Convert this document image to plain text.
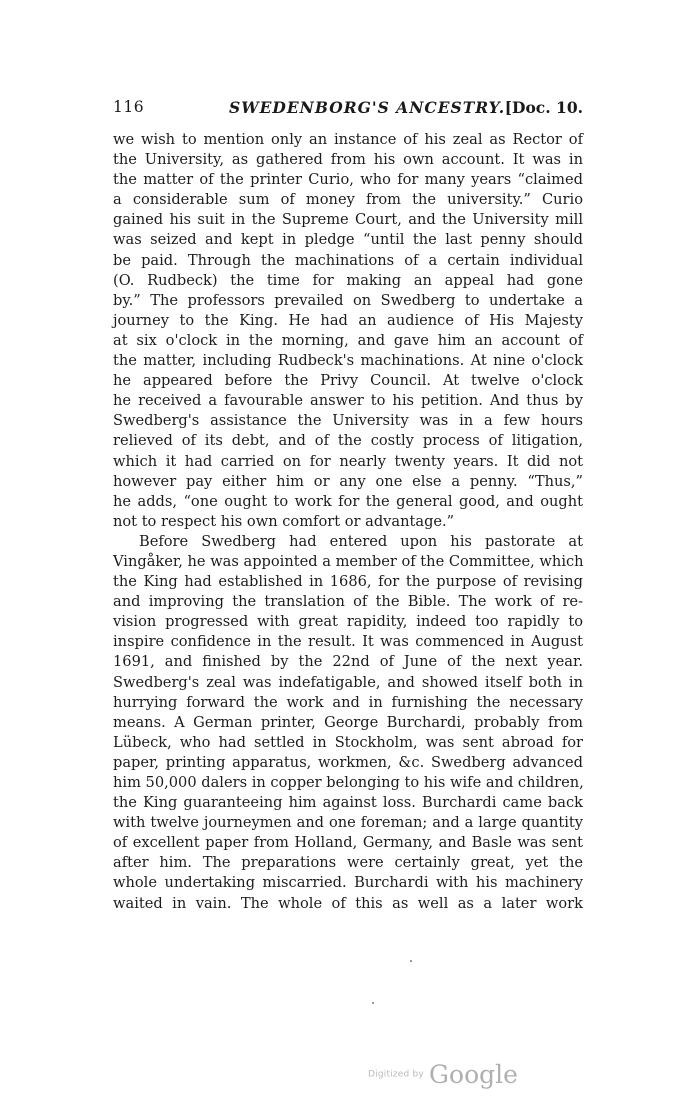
116	SWEDENBORG'S ANCESTRY. [Doc. 10.
we wish to mention only an instance of his zeal as Rector of
the University, as gathered from his own account. It was in
the matter of the printer Curio, who for many years “claimed
a considerable sum of money from the university.” Curio
gained his suit in the Supreme Court, and the University mill
was seized and kept in pledge “until the last penny should
be paid. Through the machinations of a certain individual
(O. Rudbeck) the time for making an appeal had gone
by.” The professors prevailed on Swedberg to undertake a
journey to the King. He had an audience of His Majesty
at six o'clock in the morning, and gave him an account of
the matter, including Rudbeck's machinations. At nine o'clock
he appeared before the Privy Council. At twelve o'clock
he received a favourable answer to his petition. And thus by
Swedberg's assistance the University was in a few hours
relieved of its debt, and of the costly process of litigation,
which it had carried on for nearly twenty years. It did not
however pay either him or any one else a penny. “Thus,”
he adds, “one ought to work for the general good, and ought
not to respect his own comfort or advantage.”
Before Swedberg had entered upon his pastorate at
Vingåker, he was appointed a member of the Committee, which
the King had established in 1686, for the purpose of revising
and improving the translation of the Bible. The work of re-
vision progressed with great rapidity, indeed too rapidly to
inspire confidence in the result. It was commenced in August
1691, and finished by the 22nd of June of the next year.
Swedberg's zeal was indefatigable, and showed itself both in
hurrying forward the work and in furnishing the necessary
means. A German printer, George Burchardi, probably from
Lübeck, who had settled in Stockholm, was sent abroad for
paper, printing apparatus, workmen, &c. Swedberg advanced
him 50,000 dalers in copper belonging to his wife and children,
the King guaranteeing him against loss. Burchardi came back
with twelve journeymen and one foreman; and a large quantity
of excellent paper from Holland, Germany, and Basle was sent
after him. The preparations were certainly great, yet the
whole undertaking miscarried. Burchardi with his machinery
waited in vain. The whole of this as well as a later work
Digitized by Google
